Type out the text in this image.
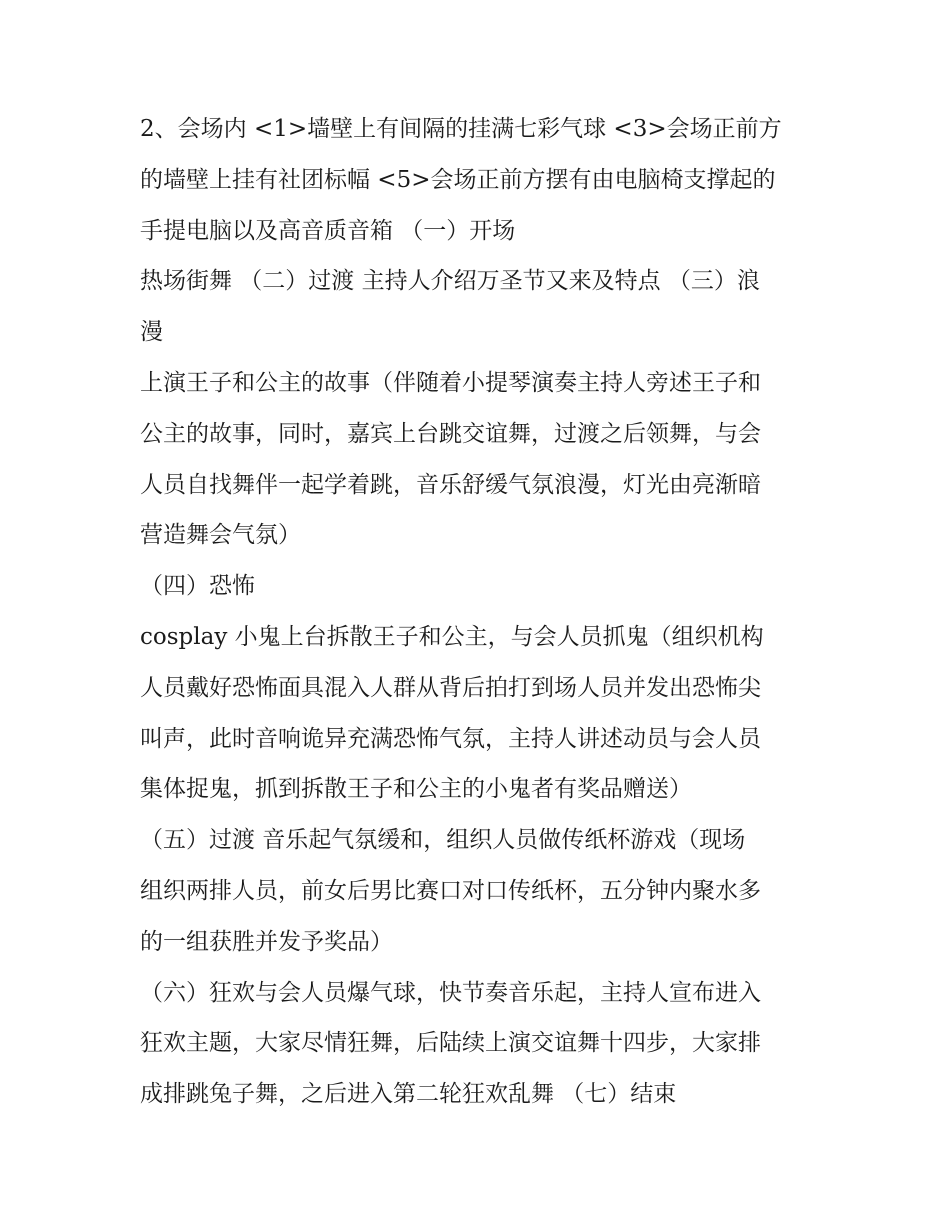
2、会场内 <1>墙壁上有间隔的挂满七彩气球 <3>会场正前方

的墙壁上挂有社团标幅 <5>会场正前方摆有由电脑椅支撑起的

手提电脑以及高音质音箱 （一）开场

热场街舞 （二）过渡 主持人介绍万圣节又来及特点 （三）浪

漫

上演王子和公主的故事（伴随着小提琴演奏主持人旁述王子和

公主的故事，同时，嘉宾上台跳交谊舞，过渡之后领舞，与会

人员自找舞伴一起学着跳，音乐舒缓气氛浪漫，灯光由亮渐暗

营造舞会气氛）

（四）恐怖

cosplay 小鬼上台拆散王子和公主，与会人员抓鬼（组织机构

人员戴好恐怖面具混入人群从背后拍打到场人员并发出恐怖尖

叫声，此时音响诡异充满恐怖气氛，主持人讲述动员与会人员

集体捉鬼，抓到拆散王子和公主的小鬼者有奖品赠送）

（五）过渡 音乐起气氛缓和，组织人员做传纸杯游戏（现场

组织两排人员，前女后男比赛口对口传纸杯，五分钟内聚水多

的一组获胜并发予奖品）

（六）狂欢与会人员爆气球，快节奏音乐起，主持人宣布进入

狂欢主题，大家尽情狂舞，后陆续上演交谊舞十四步，大家排

成排跳兔子舞，之后进入第二轮狂欢乱舞 （七）结束
